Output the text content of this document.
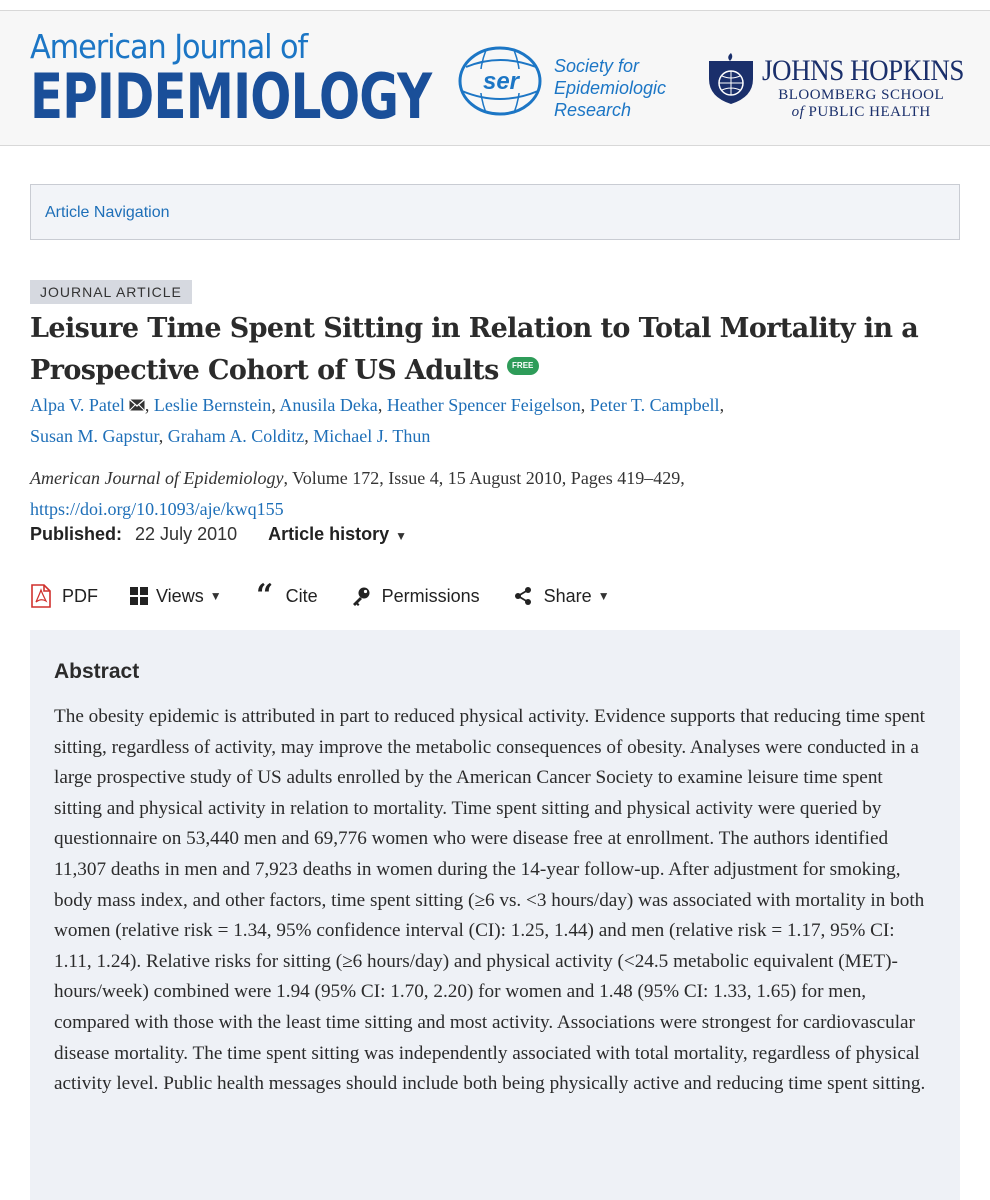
American Journal of
EPIDEMIOLOGY ser
Society for
Epidemiologic
Research
JOHNS HOPKINS
BLOOMBERG SCHOOL
of PUBLIC HEALTH
Article Navigation
JOURNAL ARTICLE
Leisure Time Spent Sitting in Relation to Total Mortality in a Prospective Cohort of US Adults FREE
Alpa V. Patel , Leslie Bernstein, Anusila Deka, Heather Spencer Feigelson, Peter T. Campbell,
Susan M. Gapstur, Graham A. Colditz, Michael J. Thun
American Journal of Epidemiology, Volume 172, Issue 4, 15 August 2010, Pages 419–429,
https://doi.org/10.1093/aje/kwq155
Published: 22 July 2010 Article history ▼
PDF	Views ▼ “ Cite	Permissions	Share ▼
Abstract
The obesity epidemic is attributed in part to reduced physical activity. Evidence supports that reducing time spent sitting, regardless of activity, may improve the metabolic consequences of obesity. Analyses were conducted in a large prospective study of US adults enrolled by the American Cancer Society to examine leisure time spent sitting and physical activity in relation to mortality. Time spent sitting and physical activity were queried by questionnaire on 53,440 men and 69,776 women who were disease free at enrollment. The authors identified 11,307 deaths in men and 7,923 deaths in women during the 14-year follow-up. After adjustment for smoking, body mass index, and other factors, time spent sitting (≥6 vs. <3 hours/day) was associated with mortality in both women (relative risk = 1.34, 95% confidence interval (CI): 1.25, 1.44) and men (relative risk = 1.17, 95% CI: 1.11, 1.24). Relative risks for sitting (≥6 hours/day) and physical activity (<24.5 metabolic equivalent (MET)-hours/week) combined were 1.94 (95% CI: 1.70, 2.20) for women and 1.48 (95% CI: 1.33, 1.65) for men, compared with those with the least time sitting and most activity. Associations were strongest for cardiovascular disease mortality. The time spent sitting was independently associated with total mortality, regardless of physical activity level. Public health messages should include both being physically active and reducing time spent sitting.
